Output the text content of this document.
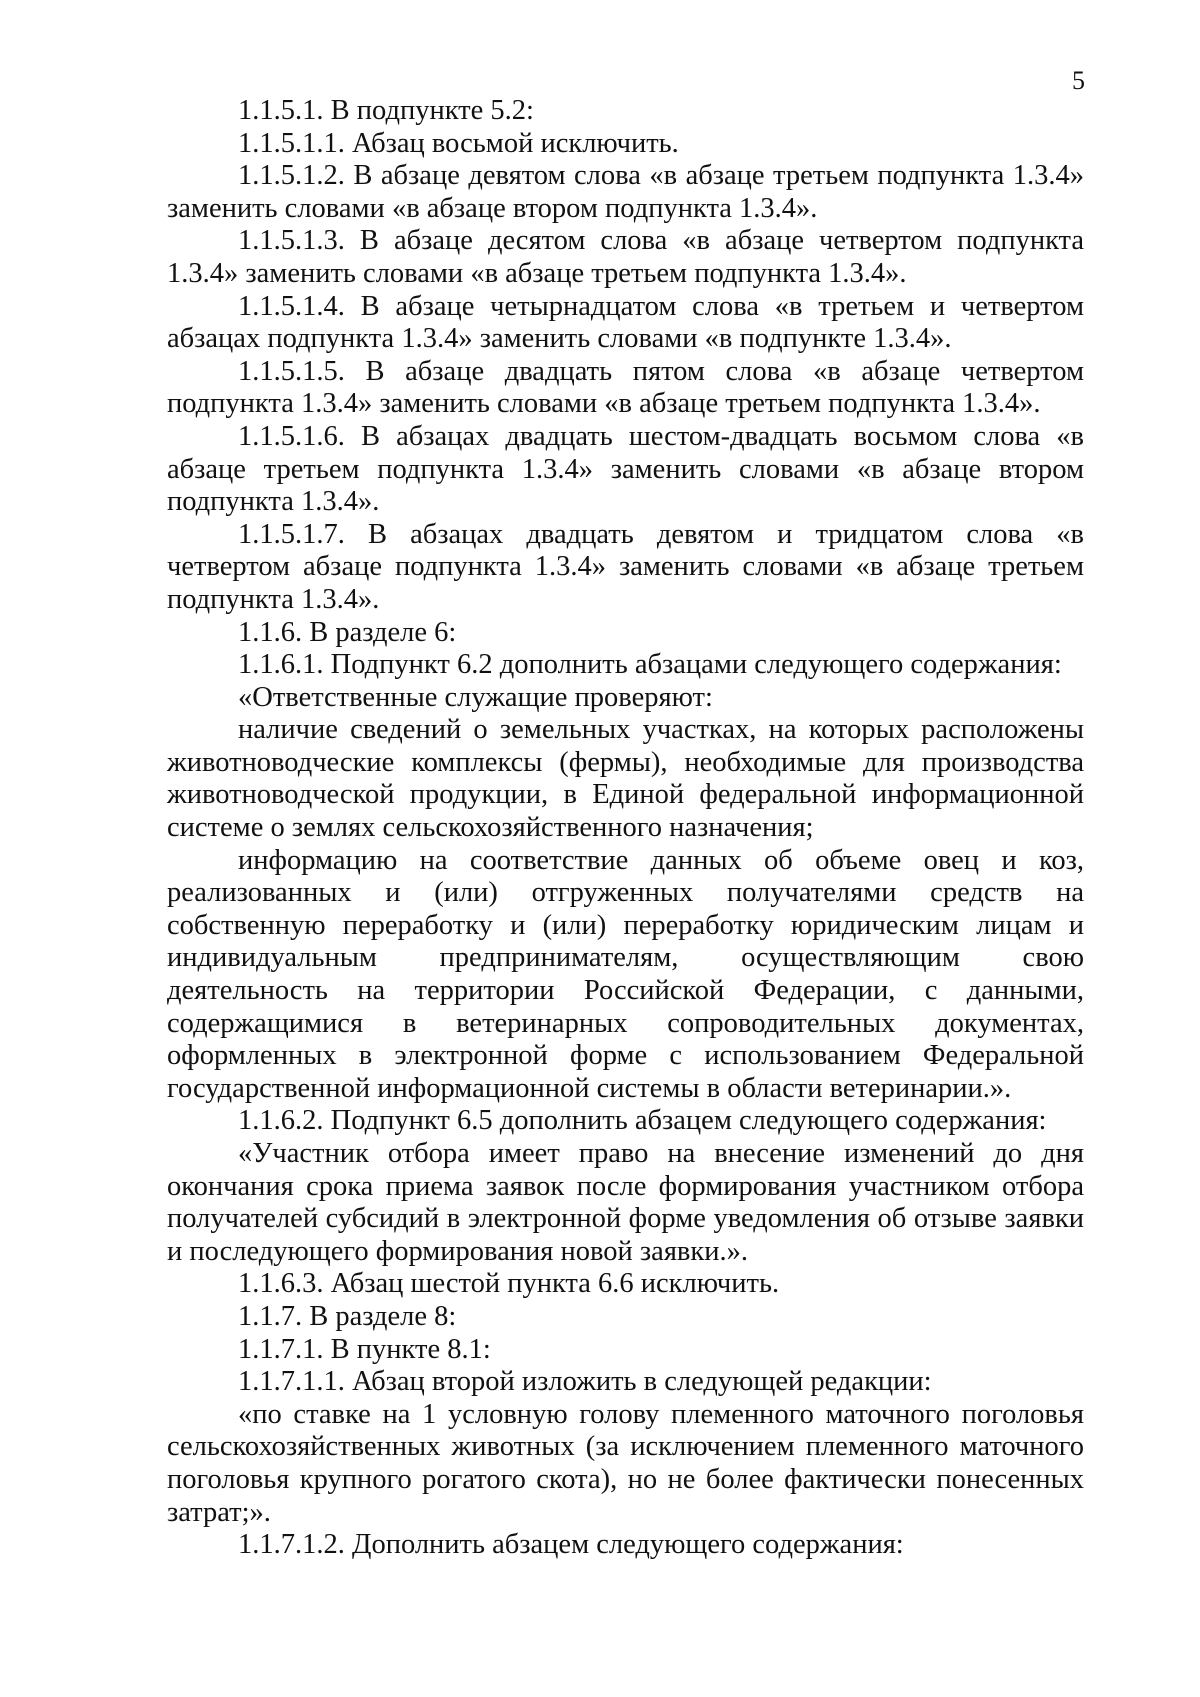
5

1.1.5.1. В подпункте 5.2:

1.1.5.1.1. Абзац восьмой исключить.

1.1.5.1.2. В абзаце девятом слова «в абзаце третьем подпункта 1.3.4» заменить словами «в абзаце втором подпункта 1.3.4».

1.1.5.1.3. В абзаце десятом слова «в абзаце четвертом подпункта 1.3.4» заменить словами «в абзаце третьем подпункта 1.3.4».

1.1.5.1.4. В абзаце четырнадцатом слова «в третьем и четвертом абзацах подпункта 1.3.4» заменить словами «в подпункте 1.3.4».

1.1.5.1.5. В абзаце двадцать пятом слова «в абзаце четвертом подпункта 1.3.4» заменить словами «в абзаце третьем подпункта 1.3.4».

1.1.5.1.6. В абзацах двадцать шестом-двадцать восьмом слова «в абзаце третьем подпункта 1.3.4» заменить словами «в абзаце втором подпункта 1.3.4».

1.1.5.1.7. В абзацах двадцать девятом и тридцатом слова «в четвертом абзаце подпункта 1.3.4» заменить словами «в абзаце третьем подпункта 1.3.4».

1.1.6. В разделе 6:

1.1.6.1. Подпункт 6.2 дополнить абзацами следующего содержания:

«Ответственные служащие проверяют:

наличие сведений о земельных участках, на которых расположены животноводческие комплексы (фермы), необходимые для производства животноводческой продукции, в Единой федеральной информационной системе о землях сельскохозяйственного назначения;

информацию на соответствие данных об объеме овец и коз, реализованных и (или) отгруженных получателями средств на собственную переработку и (или) переработку юридическим лицам и индивидуальным предпринимателям, осуществляющим свою деятельность на территории Российской Федерации, с данными, содержащимися в ветеринарных сопроводительных документах, оформленных в электронной форме с использованием Федеральной государственной информационной системы в области ветеринарии.».

1.1.6.2. Подпункт 6.5 дополнить абзацем следующего содержания:

«Участник отбора имеет право на внесение изменений до дня окончания срока приема заявок после формирования участником отбора получателей субсидий в электронной форме уведомления об отзыве заявки и последующего формирования новой заявки.».

1.1.6.3. Абзац шестой пункта 6.6 исключить.

1.1.7. В разделе 8:

1.1.7.1. В пункте 8.1:

1.1.7.1.1. Абзац второй изложить в следующей редакции:

«по ставке на 1 условную голову племенного маточного поголовья сельскохозяйственных животных (за исключением племенного маточного поголовья крупного рогатого скота), но не более фактически понесенных затрат;».

1.1.7.1.2. Дополнить абзацем следующего содержания:
